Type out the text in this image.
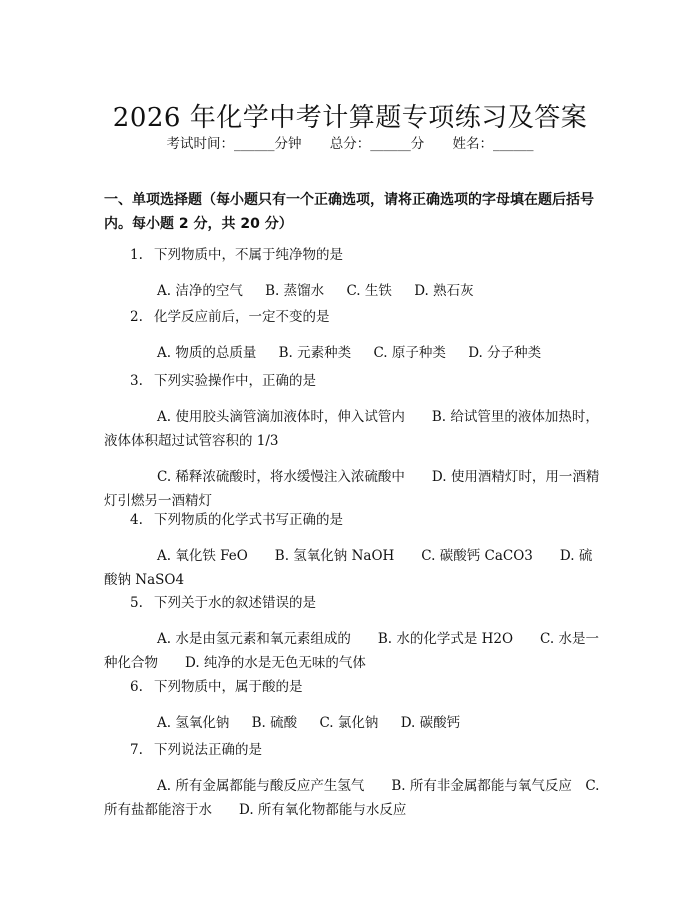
2026 年化学中考计算题专项练习及答案
考试时间：______分钟 总分：______分 姓名：______
一、单项选择题（每小题只有一个正确选项，请将正确选项的字母填在题后括号内。每小题 2 分，共 20 分）
1. 下列物质中，不属于纯净物的是
A. 洁净的空气 B. 蒸馏水 C. 生铁 D. 熟石灰
2. 化学反应前后，一定不变的是
A. 物质的总质量 B. 元素种类 C. 原子种类 D. 分子种类
3. 下列实验操作中，正确的是
A. 使用胶头滴管滴加液体时，伸入试管内　　B. 给试管里的液体加热时，液体体积超过试管容积的 1/3
C. 稀释浓硫酸时，将水缓慢注入浓硫酸中　　D. 使用酒精灯时，用一酒精灯引燃另一酒精灯
4. 下列物质的化学式书写正确的是
A. 氧化铁 FeO　　B. 氢氧化钠 NaOH　　C. 碳酸钙 CaCO3　　D. 硫酸钠 NaSO4
5. 下列关于水的叙述错误的是
A. 水是由氢元素和氧元素组成的　　B. 水的化学式是 H2O　　C. 水是一种化合物　　D. 纯净的水是无色无味的气体
6. 下列物质中，属于酸的是
A. 氢氧化钠 B. 硫酸 C. 氯化钠 D. 碳酸钙
7. 下列说法正确的是
A. 所有金属都能与酸反应产生氢气　　B. 所有非金属都能与氧气反应　C. 所有盐都能溶于水　　D. 所有氧化物都能与水反应
